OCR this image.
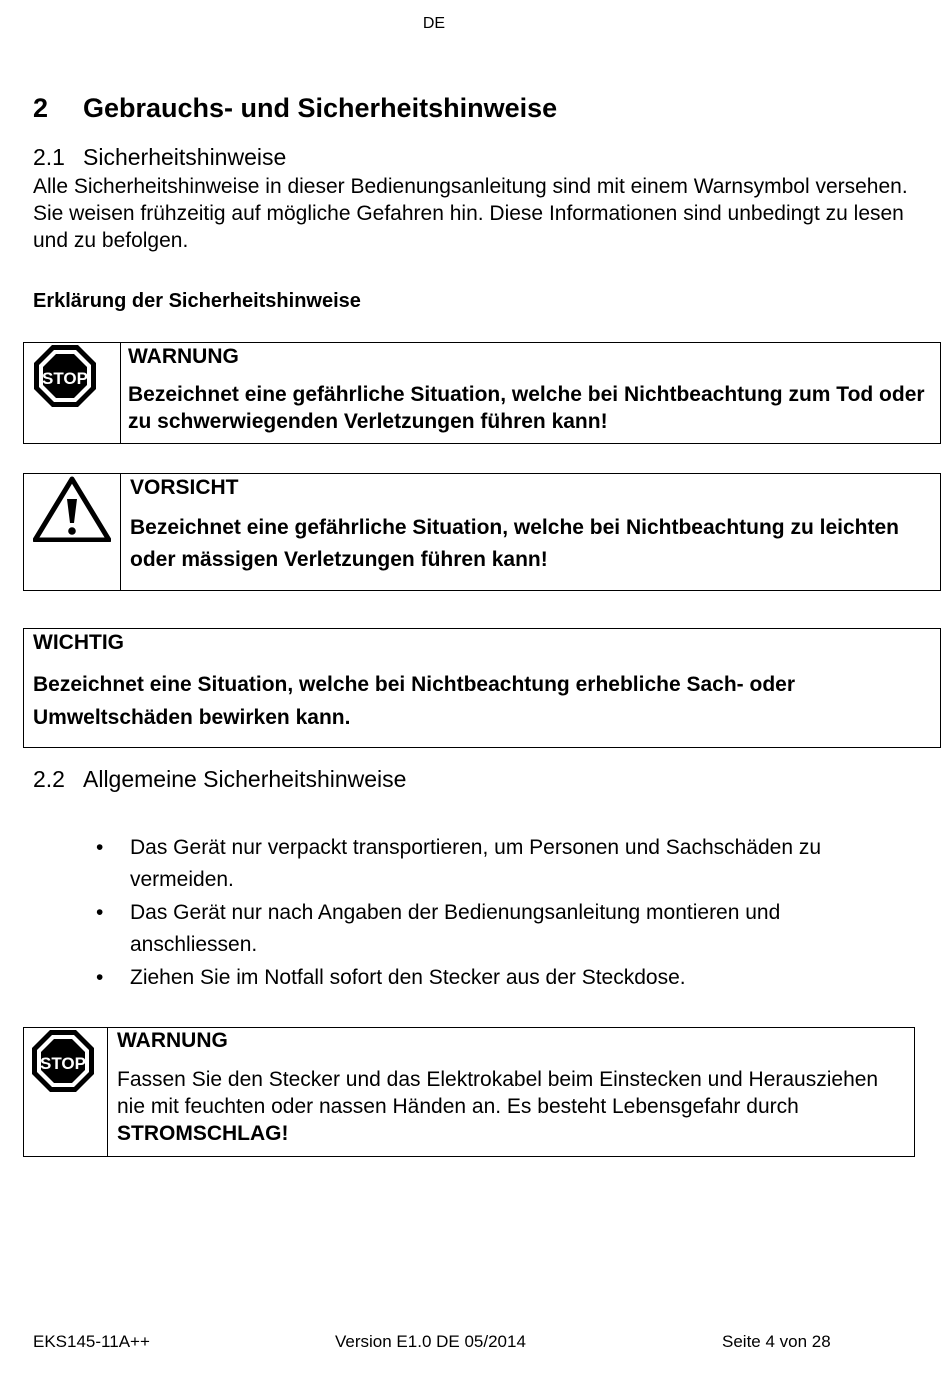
DE
2 Gebrauchs- und Sicherheitshinweise
2.1 Sicherheitshinweise
Alle Sicherheitshinweise in dieser Bedienungsanleitung sind mit einem Warnsymbol versehen. Sie weisen frühzeitig auf mögliche Gefahren hin. Diese Informationen sind unbedingt zu lesen und zu befolgen.
Erklärung der Sicherheitshinweise
STOP
WARNUNG
Bezeichnet eine gefährliche Situation, welche bei Nichtbeachtung zum Tod oder zu schwerwiegenden Verletzungen führen kann!
VORSICHT
Bezeichnet eine gefährliche Situation, welche bei Nichtbeachtung zu leichten oder mässigen Verletzungen führen kann!
WICHTIG
Bezeichnet eine Situation, welche bei Nichtbeachtung erhebliche Sach- oder Umweltschäden bewirken kann.
2.2 Allgemeine Sicherheitshinweise
• Das Gerät nur verpackt transportieren, um Personen und Sachschäden zu vermeiden.
• Das Gerät nur nach Angaben der Bedienungsanleitung montieren und anschliessen.
• Ziehen Sie im Notfall sofort den Stecker aus der Steckdose.
STOP
WARNUNG
Fassen Sie den Stecker und das Elektrokabel beim Einstecken und Herausziehen nie mit feuchten oder nassen Händen an. Es besteht Lebensgefahr durch STROMSCHLAG!
EKS145-11A++	Version E1.0 DE 05/2014	Seite 4 von 28
